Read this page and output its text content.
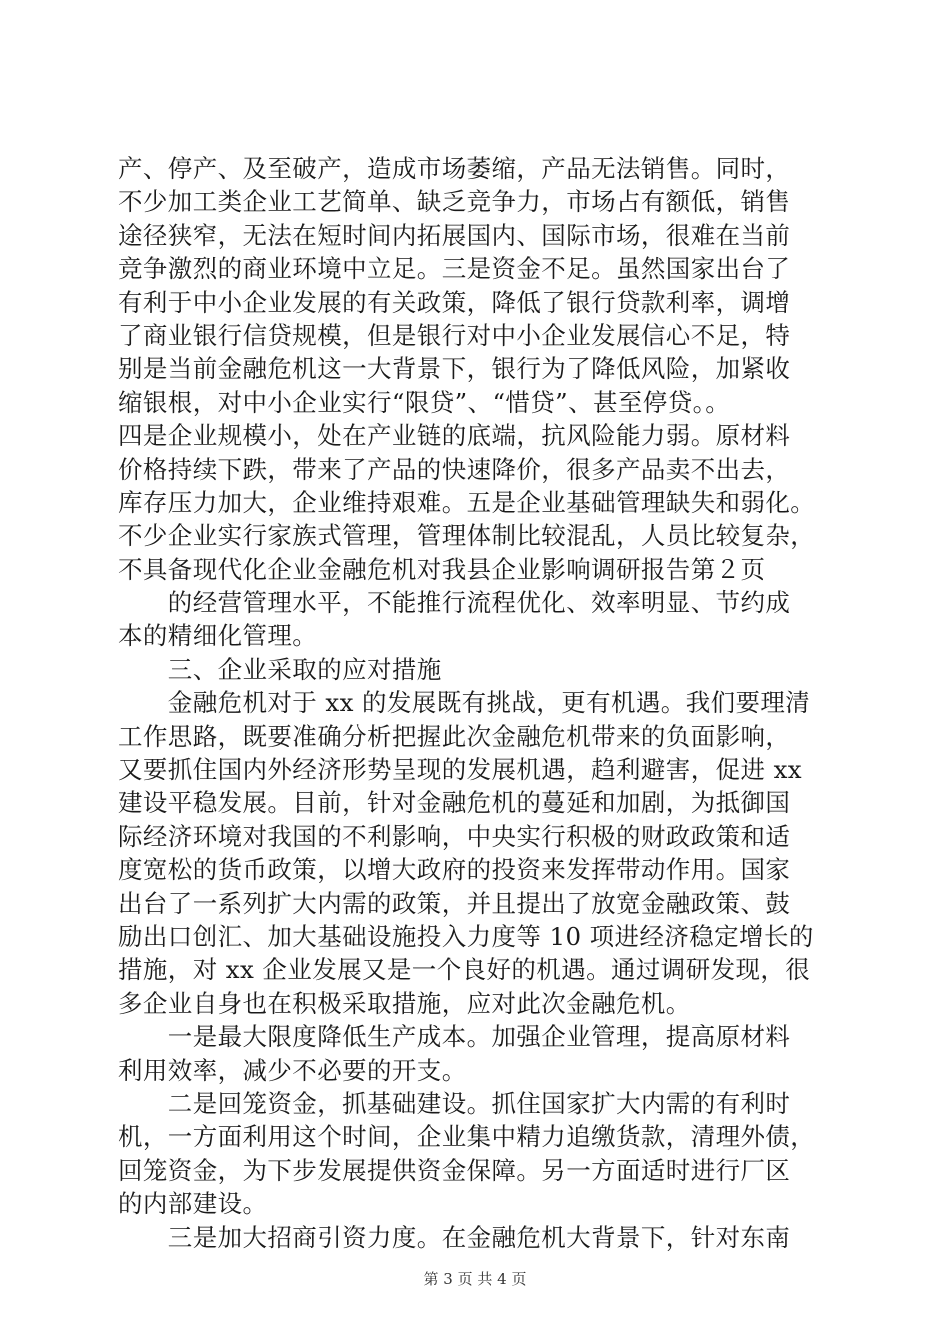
产、停产、及至破产，造成市场萎缩，产品无法销售。同时，
不少加工类企业工艺简单、缺乏竞争力，市场占有额低，销售
途径狭窄，无法在短时间内拓展国内、国际市场，很难在当前
竞争激烈的商业环境中立足。三是资金不足。虽然国家出台了
有利于中小企业发展的有关政策，降低了银行贷款利率，调增
了商业银行信贷规模，但是银行对中小企业发展信心不足，特
别是当前金融危机这一大背景下，银行为了降低风险，加紧收
缩银根，对中小企业实行“限贷”、“惜贷”、甚至停贷。。
四是企业规模小，处在产业链的底端，抗风险能力弱。原材料
价格持续下跌，带来了产品的快速降价，很多产品卖不出去，
库存压力加大，企业维持艰难。五是企业基础管理缺失和弱化。
不少企业实行家族式管理，管理体制比较混乱，人员比较复杂，
不具备现代化企业金融危机对我县企业影响调研报告第２页
　　的经营管理水平，不能推行流程优化、效率明显、节约成
本的精细化管理。
　　三、企业采取的应对措施
　　金融危机对于 xx 的发展既有挑战，更有机遇。我们要理清
工作思路，既要准确分析把握此次金融危机带来的负面影响，
又要抓住国内外经济形势呈现的发展机遇，趋利避害，促进 xx
建设平稳发展。目前，针对金融危机的蔓延和加剧，为抵御国
际经济环境对我国的不利影响，中央实行积极的财政政策和适
度宽松的货币政策，以增大政府的投资来发挥带动作用。国家
出台了一系列扩大内需的政策，并且提出了放宽金融政策、鼓
励出口创汇、加大基础设施投入力度等 10 项进经济稳定增长的
措施，对 xx 企业发展又是一个良好的机遇。通过调研发现，很
多企业自身也在积极采取措施，应对此次金融危机。
　　一是最大限度降低生产成本。加强企业管理，提高原材料
利用效率，减少不必要的开支。
　　二是回笼资金，抓基础建设。抓住国家扩大内需的有利时
机，一方面利用这个时间，企业集中精力追缴货款，清理外债，
回笼资金，为下步发展提供资金保障。另一方面适时进行厂区
的内部建设。
　　三是加大招商引资力度。在金融危机大背景下，针对东南
第 3 页 共 4 页
